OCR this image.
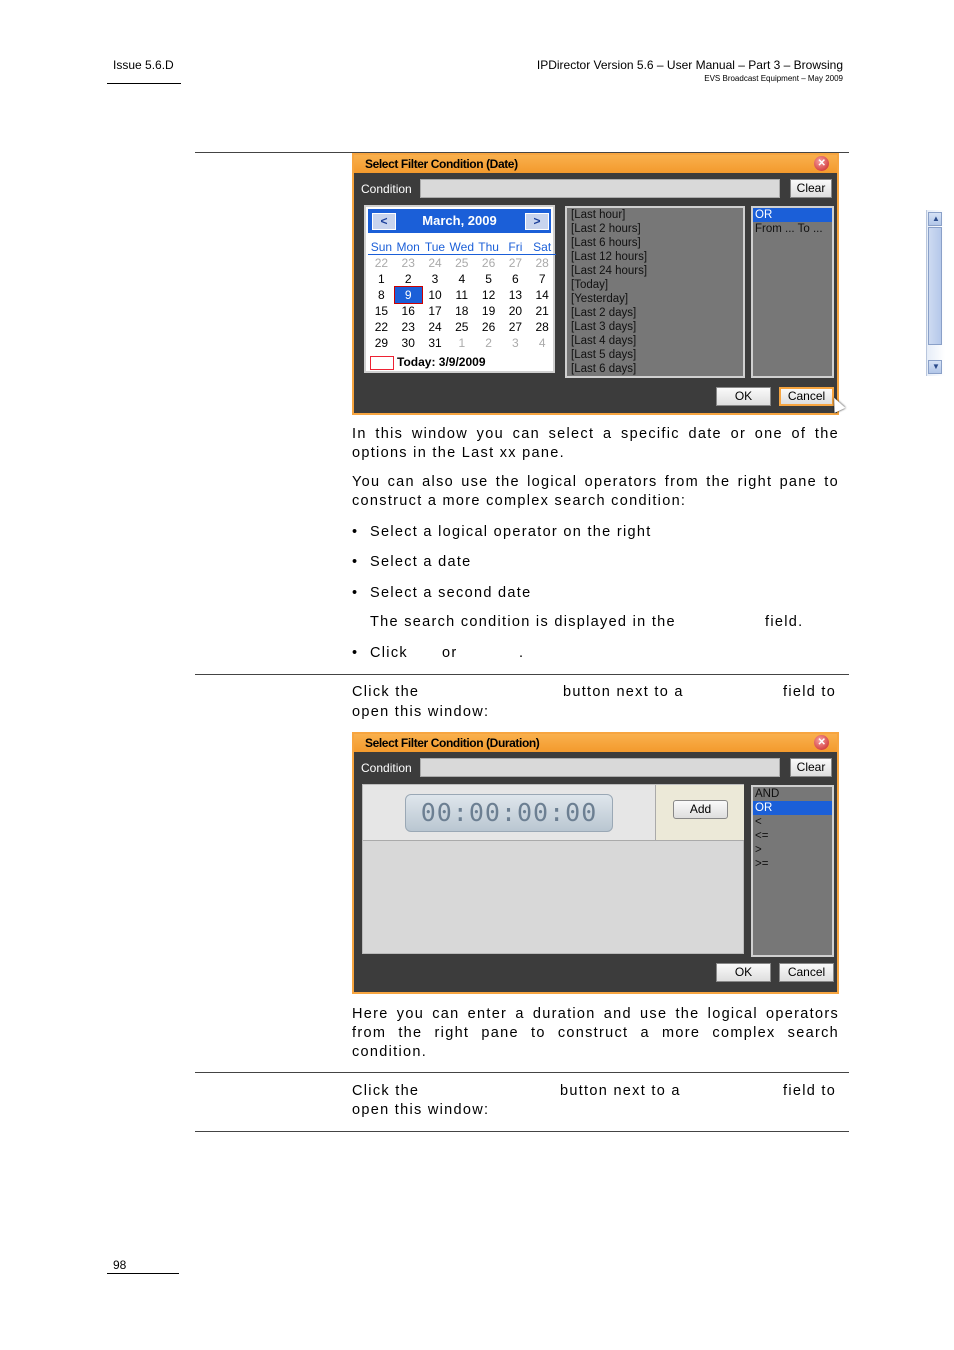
Issue 5.6.D	IPDirector Version 5.6 – User Manual – Part 3 – Browsing
EVS Broadcast Equipment – May 2009
Select Filter Condition (Date)	✕
Condition	Clear
March, 2009
<	>
Sun Mon Tue Wed Thu Fri Sat
22	23	24	25	26	27	28
1	2	3	4	5	6	7
8	9	10	11	12	13	14
15	16	17	18	19	20	21
22	23	24	25	26	27	28
29	30	31	1	2	3	4
Today: 3/9/2009
[Last hour]
[Last 2 hours]
[Last 6 hours]
[Last 12 hours]
[Last 24 hours]
[Today]
[Yesterday]
[Last 2 days]
[Last 3 days]
[Last 4 days]
[Last 5 days]
[Last 6 days]
▲
▼
OR
From ... To ...
OK	Cancel
In this window you can select a specific date or one of the options in the Last xx pane.
You can also use the logical operators from the right pane to construct a more complex search condition:
• Select a logical operator on the right
• Select a date
• Select a second date
The search condition is displayed in the	field.
• Click or	.
Click the	button next to a	field to
open this window:
Select Filter Condition (Duration)	✕
Condition	Clear
00:00:00:00	Add
AND
OR
<
<=
>
>=
OK	Cancel
Here you can enter a duration and use the logical operators from the right pane to construct a more complex search condition.
Click the	button next to a	field to
open this window:
98
